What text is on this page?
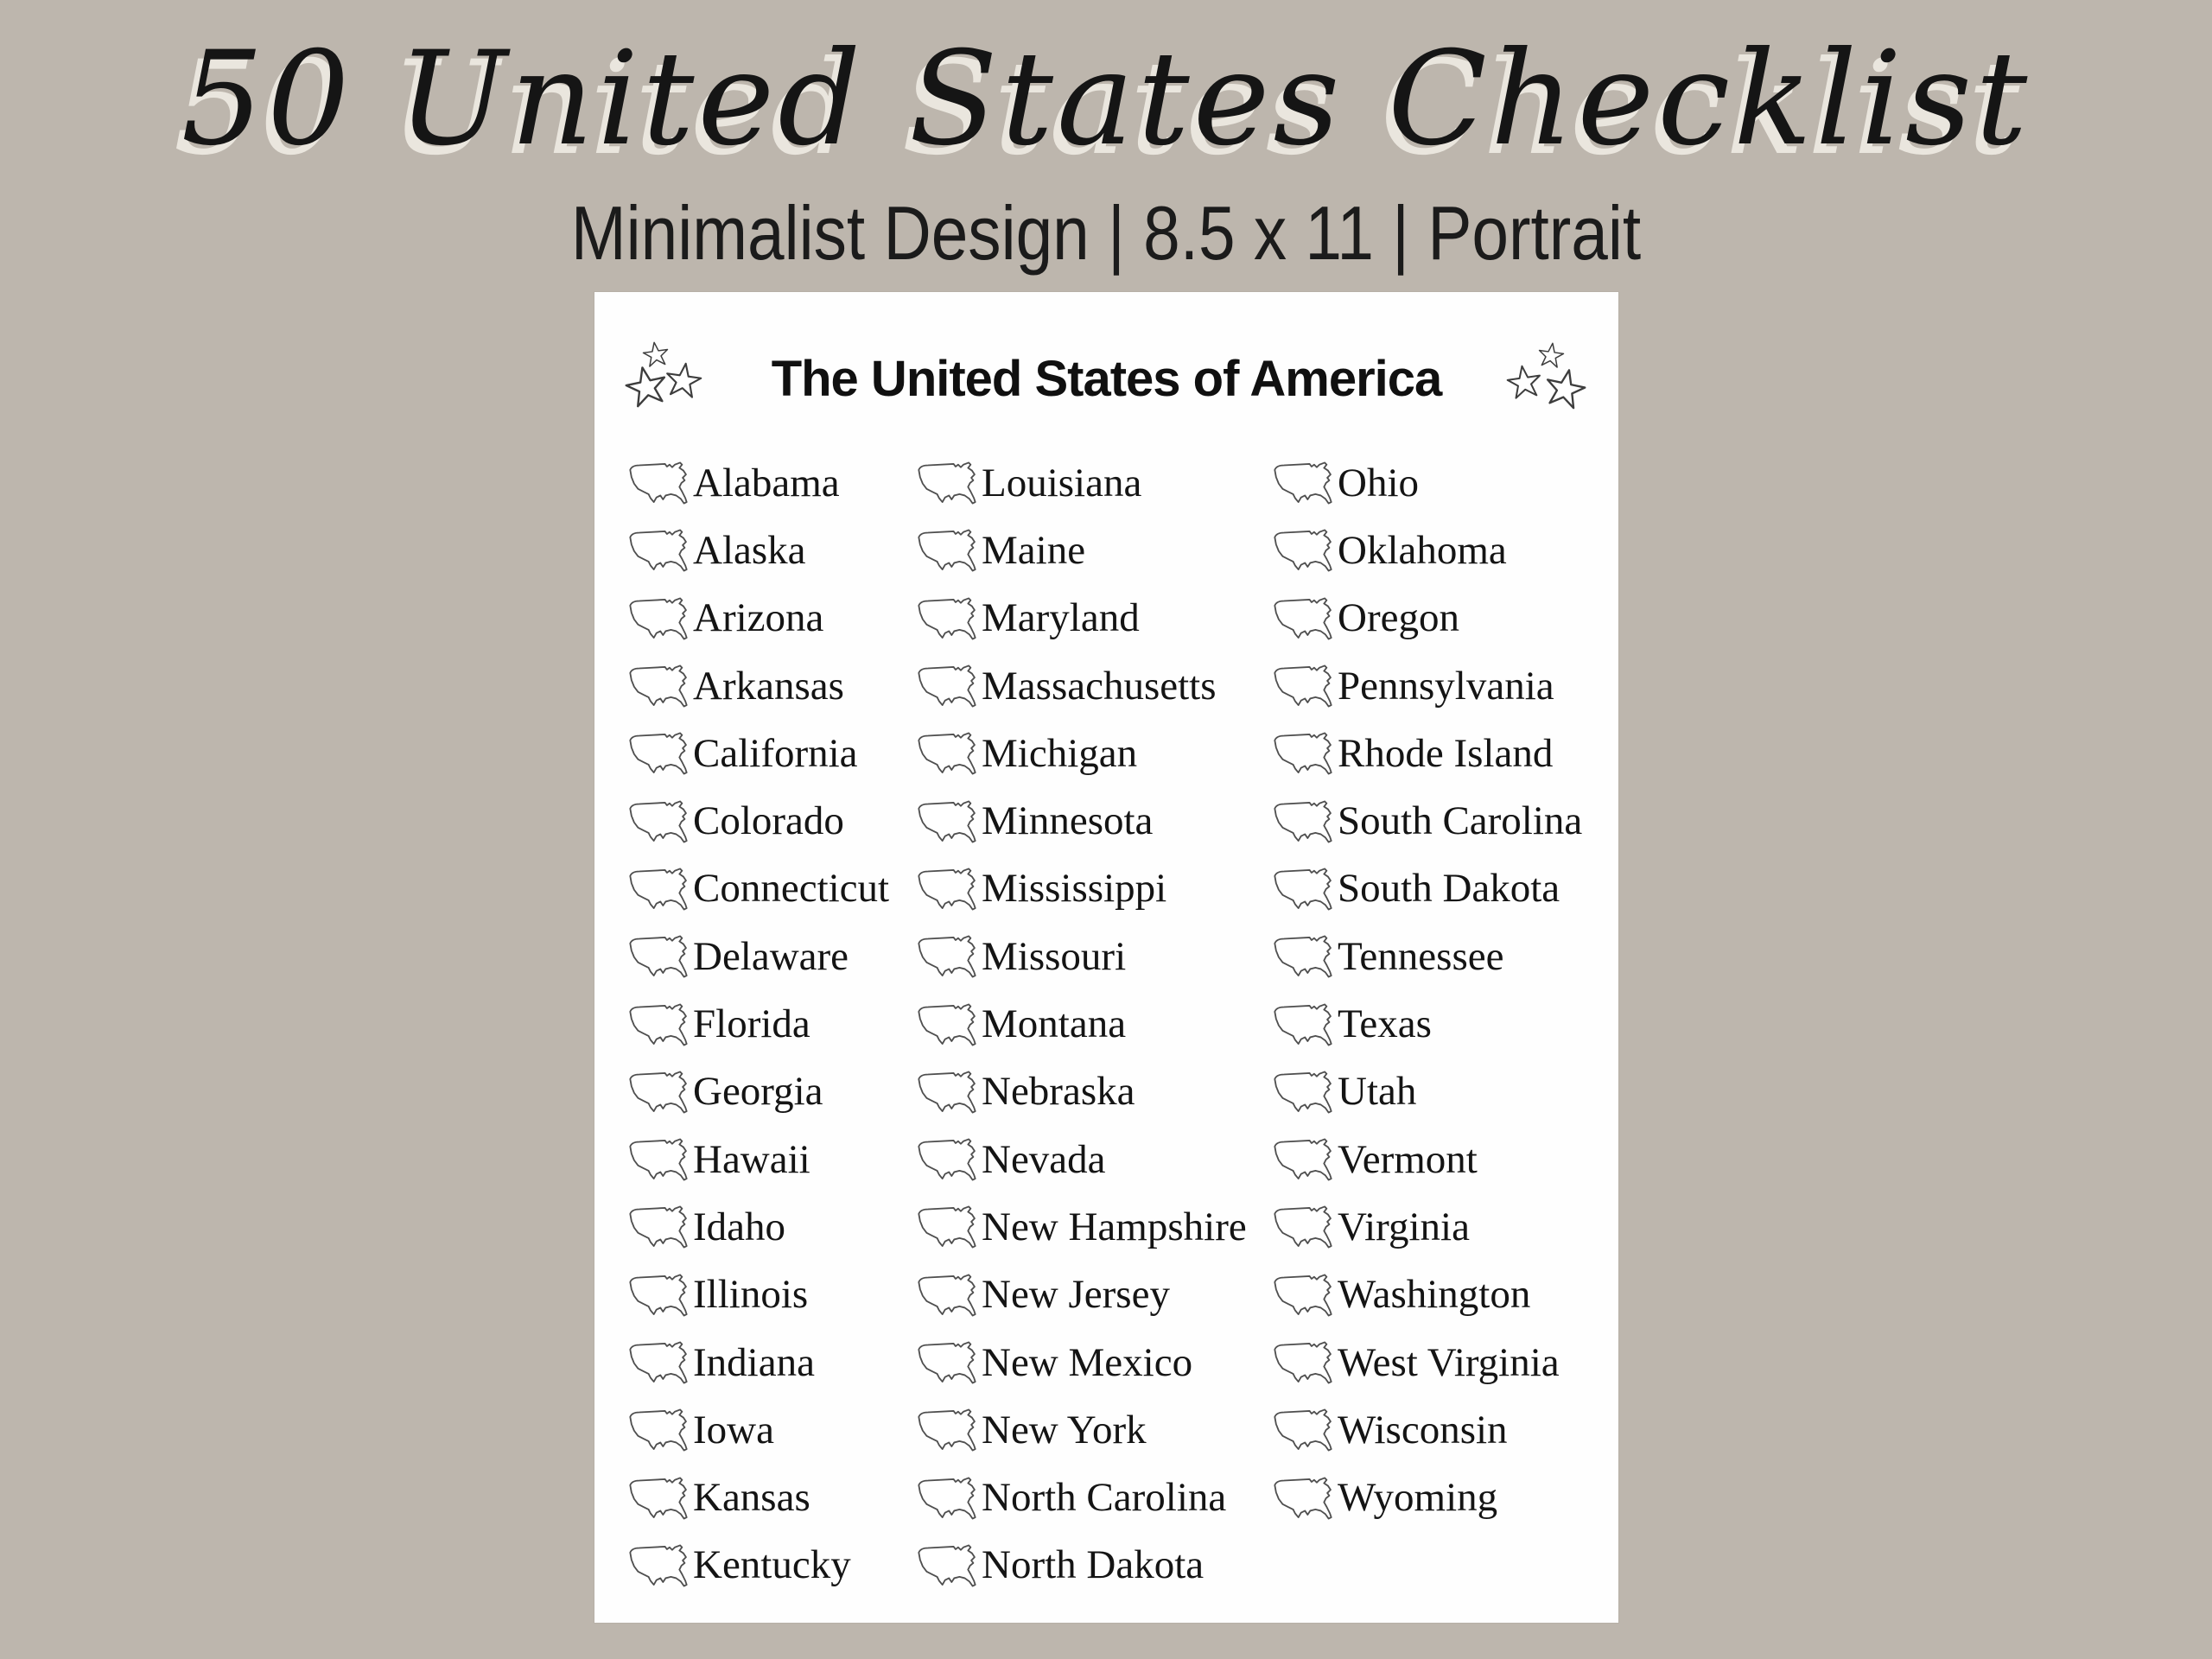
50 United States Checklist
Minimalist Design | 8.5 x 11 | Portrait
The United States of America
Alabama
Alaska
Arizona
Arkansas
California
Colorado
Connecticut
Delaware
Florida
Georgia
Hawaii
Idaho
Illinois
Indiana
Iowa
Kansas
Kentucky
Louisiana
Maine
Maryland
Massachusetts
Michigan
Minnesota
Mississippi
Missouri
Montana
Nebraska
Nevada
New Hampshire
New Jersey
New Mexico
New York
North Carolina
North Dakota
Ohio
Oklahoma
Oregon
Pennsylvania
Rhode Island
South Carolina
South Dakota
Tennessee
Texas
Utah
Vermont
Virginia
Washington
West Virginia
Wisconsin
Wyoming
